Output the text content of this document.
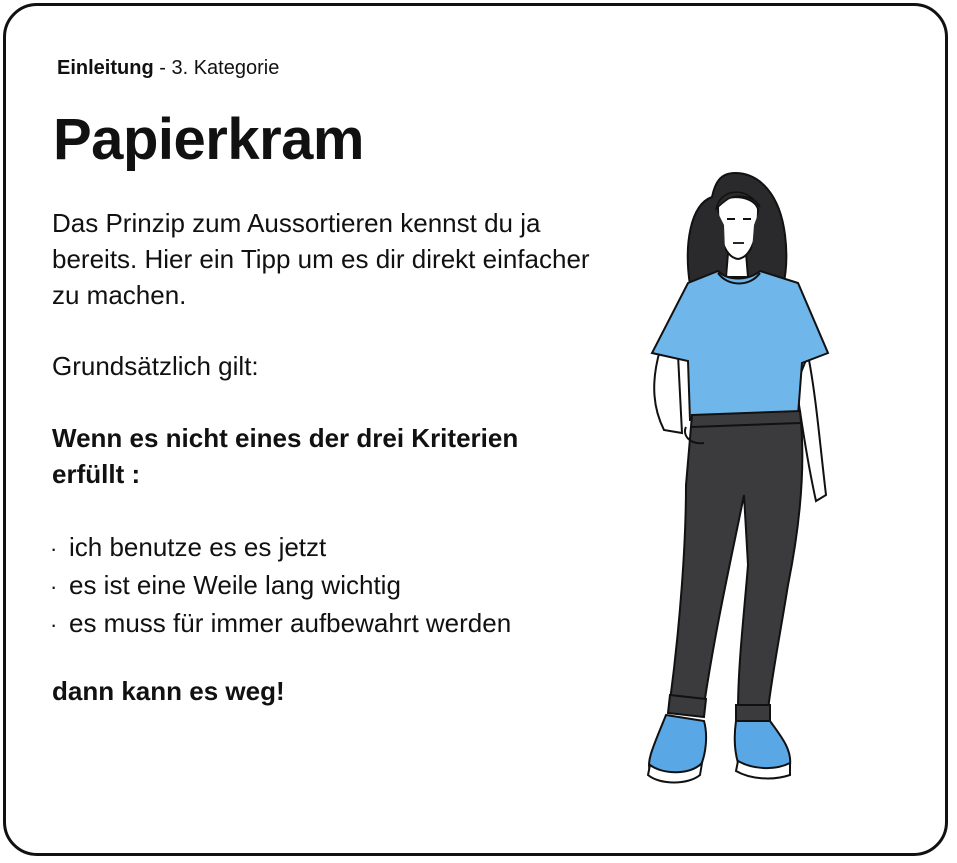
Einleitung - 3. Kategorie
Papierkram
Das Prinzip zum Aussortieren kennst du ja bereits. Hier ein Tipp um es dir direkt einfacher zu machen.
Grundsätzlich gilt:
Wenn es nicht eines der drei Kriterien erfüllt :
· ich benutze es es jetzt
· es ist eine Weile lang wichtig
· es muss für immer aufbewahrt werden
dann kann es weg!
